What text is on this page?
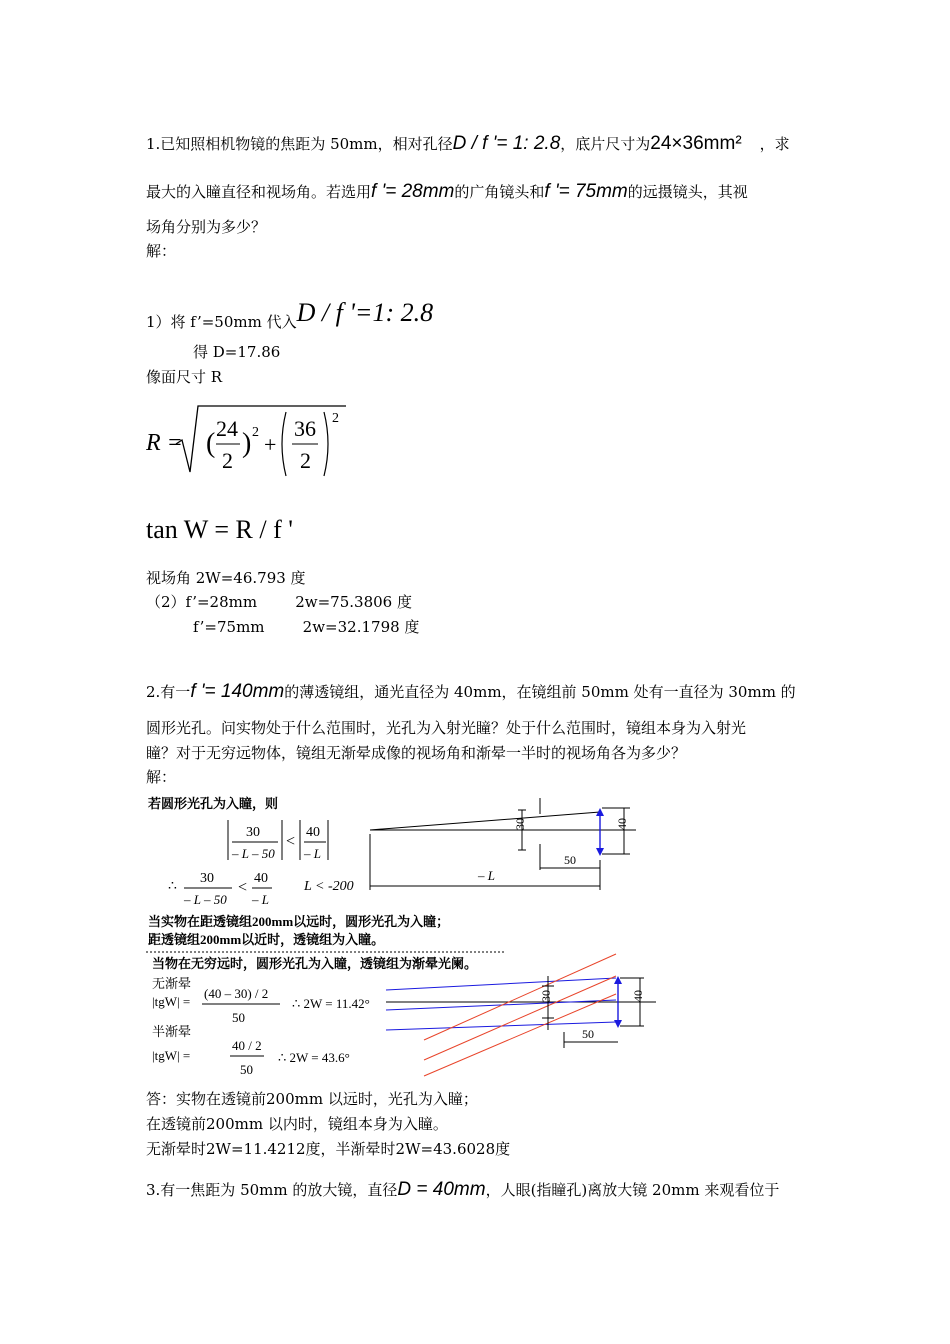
1.已知照相机物镜的焦距为 50mm，相对孔径D / f '= 1: 2.8，底片尺寸为24×36mm² ，求
最大的入瞳直径和视场角。若选用f '= 28mm的广角镜头和f '= 75mm的远摄镜头，其视
场角分别为多少？
解：
1）将 f’=50mm 代入D / f '=1: 2.8
得 D=17.86
像面尺寸 R
R = ( 24
2
) 2 +
36
2
2
tan W = R / f '
视场角 2W=46.793 度
（2）f’=28mm        2w=75.3806 度
f’=75mm        2w=32.1798 度
2.有一f '= 140mm的薄透镜组，通光直径为 40mm，在镜组前 50mm 处有一直径为 30mm 的
圆形光孔。问实物处于什么范围时，光孔为入射光瞳？处于什么范围时，镜组本身为入射光
瞳？对于无穷远物体，镜组无渐晕成像的视场角和渐晕一半时的视场角各为多少？
解：
若圆形光孔为入瞳，则
30
– L – 50
<
40
– L
∴
30
– L – 50
<
40
– L
L < -200
30	40
50
– L
当实物在距透镜组200mm以远时，圆形光孔为入瞳；
距透镜组200mm以近时，透镜组为入瞳。
当物在无穷远时，圆形光孔为入瞳，透镜组为渐晕光阑。
无渐晕
|tgW| =
(40 – 30) / 2
50
∴ 2W = 11.42°
半渐晕
|tgW| =
40 / 2
50
∴ 2W = 43.6°
30	40
50
答：实物在透镜前200mm 以远时，光孔为入瞳；
在透镜前200mm 以内时，镜组本身为入瞳。
无渐晕时2W=11.4212度，半渐晕时2W=43.6028度
3.有一焦距为 50mm 的放大镜，直径D = 40mm，人眼(指瞳孔)离放大镜 20mm 来观看位于
